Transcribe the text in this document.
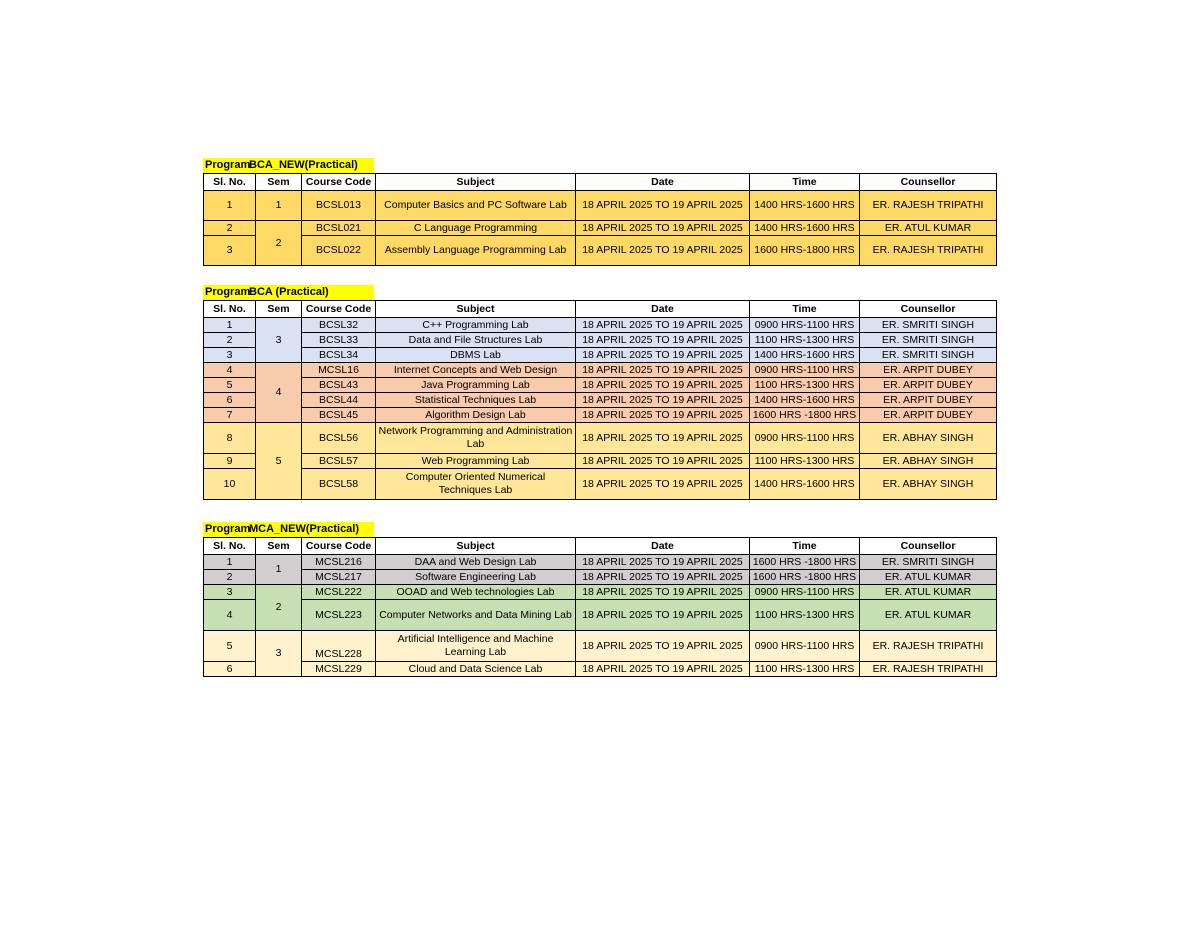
Program
BCA_NEW(Practical)
Sl. No.	Sem	Course Code	Subject	Date	Time	Counsellor
1	1	BCSL013	Computer Basics and PC Software Lab	18 APRIL 2025 TO 19 APRIL 2025	1400 HRS-1600 HRS	ER. RAJESH TRIPATHI
2	2	BCSL021	C Language Programming	18 APRIL 2025 TO 19 APRIL 2025	1400 HRS-1600 HRS	ER. ATUL KUMAR
3		BCSL022	Assembly Language Programming Lab	18 APRIL 2025 TO 19 APRIL 2025	1600 HRS-1800 HRS	ER. RAJESH TRIPATHI
Program
BCA (Practical)
Sl. No.	Sem	Course Code	Subject	Date	Time	Counsellor
1	3	BCSL32	C++ Programming Lab	18 APRIL 2025 TO 19 APRIL 2025	0900 HRS-1100 HRS	ER. SMRITI SINGH
2		BCSL33	Data and File Structures Lab	18 APRIL 2025 TO 19 APRIL 2025	1100 HRS-1300 HRS	ER. SMRITI SINGH
3		BCSL34	DBMS Lab	18 APRIL 2025 TO 19 APRIL 2025	1400 HRS-1600 HRS	ER. SMRITI SINGH
4	4	MCSL16	Internet Concepts and Web Design	18 APRIL 2025 TO 19 APRIL 2025	0900 HRS-1100 HRS	ER. ARPIT DUBEY
5		BCSL43	Java Programming Lab	18 APRIL 2025 TO 19 APRIL 2025	1100 HRS-1300 HRS	ER. ARPIT DUBEY
6		BCSL44	Statistical Techniques Lab	18 APRIL 2025 TO 19 APRIL 2025	1400 HRS-1600 HRS	ER. ARPIT DUBEY
7		BCSL45	Algorithm Design Lab	18 APRIL 2025 TO 19 APRIL 2025	1600 HRS -1800 HRS	ER. ARPIT DUBEY
8	5	BCSL56	Network Programming and Administration Lab	18 APRIL 2025 TO 19 APRIL 2025	0900 HRS-1100 HRS	ER. ABHAY SINGH
9		BCSL57	Web Programming Lab	18 APRIL 2025 TO 19 APRIL 2025	1100 HRS-1300 HRS	ER. ABHAY SINGH
10		BCSL58	Computer Oriented Numerical Techniques Lab	18 APRIL 2025 TO 19 APRIL 2025	1400 HRS-1600 HRS	ER. ABHAY SINGH
Program
MCA_NEW(Practical)
Sl. No.	Sem	Course Code	Subject	Date	Time	Counsellor
1	1	MCSL216	DAA and Web Design Lab	18 APRIL 2025 TO 19 APRIL 2025	1600 HRS -1800 HRS	ER. SMRITI SINGH
2		MCSL217	Software Engineering Lab	18 APRIL 2025 TO 19 APRIL 2025	1600 HRS -1800 HRS	ER. ATUL KUMAR
3	2	MCSL222	OOAD and Web technologies Lab	18 APRIL 2025 TO 19 APRIL 2025	0900 HRS-1100 HRS	ER. ATUL KUMAR
4		MCSL223	Computer Networks and Data Mining Lab	18 APRIL 2025 TO 19 APRIL 2025	1100 HRS-1300 HRS	ER. ATUL KUMAR
5	3	MCSL228	Artificial Intelligence and Machine Learning Lab	18 APRIL 2025 TO 19 APRIL 2025	0900 HRS-1100 HRS	ER. RAJESH TRIPATHI
6		MCSL229	Cloud and Data Science Lab	18 APRIL 2025 TO 19 APRIL 2025	1100 HRS-1300 HRS	ER. RAJESH TRIPATHI
